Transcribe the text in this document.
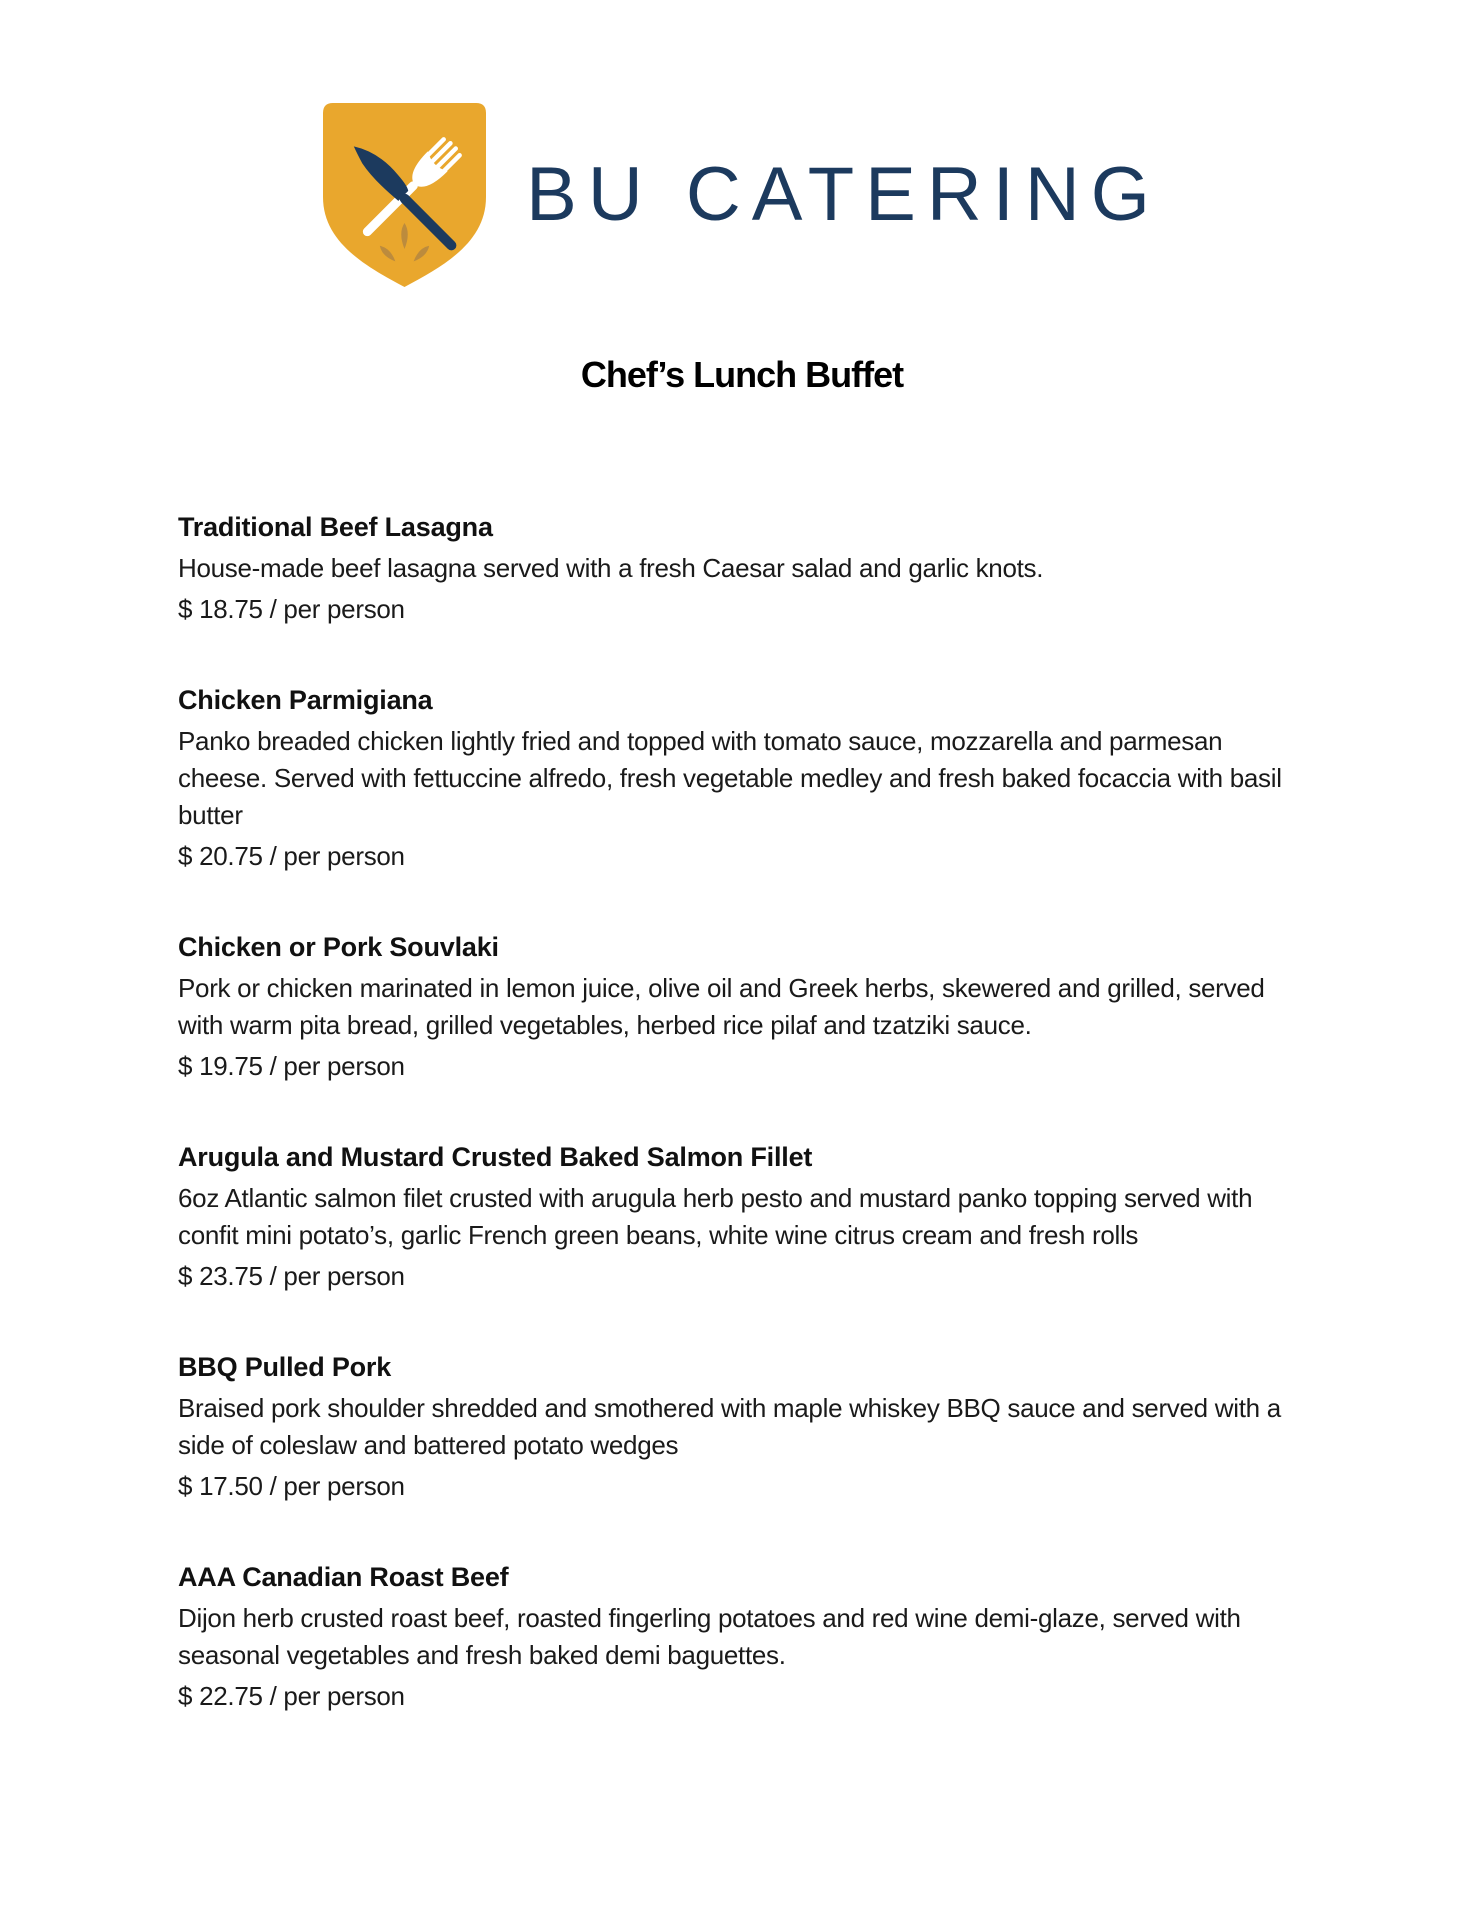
BU CATERING
Chef’s Lunch Buffet
Traditional Beef Lasagna

House-made beef lasagna served with a fresh Caesar salad and garlic knots.

$ 18.75 / per person

Chicken Parmigiana

Panko breaded chicken lightly fried and topped with tomato sauce, mozzarella and parmesan cheese. Served with fettuccine alfredo, fresh vegetable medley and fresh baked focaccia with basil butter

$ 20.75 / per person

Chicken or Pork Souvlaki

Pork or chicken marinated in lemon juice, olive oil and Greek herbs, skewered and grilled, served with warm pita bread, grilled vegetables, herbed rice pilaf and tzatziki sauce.

$ 19.75 / per person

Arugula and Mustard Crusted Baked Salmon Fillet

6oz Atlantic salmon filet crusted with arugula herb pesto and mustard panko topping served with confit mini potato’s, garlic French green beans, white wine citrus cream and fresh rolls

$ 23.75 / per person

BBQ Pulled Pork

Braised pork shoulder shredded and smothered with maple whiskey BBQ sauce and served with a side of coleslaw and battered potato wedges

$ 17.50 / per person

AAA Canadian Roast Beef

Dijon herb crusted roast beef, roasted fingerling potatoes and red wine demi-glaze, served with seasonal vegetables and fresh baked demi baguettes.

$ 22.75 / per person
